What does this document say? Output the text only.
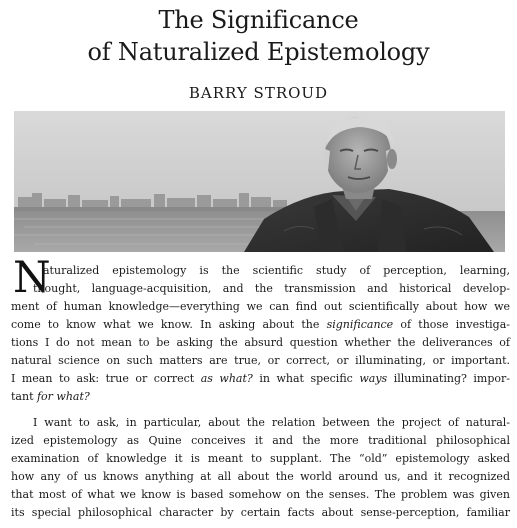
The Significance
of Naturalized Epistemology
BARRY STROUD
N
aturalized epistemology is the scientific study of perception, learning,
thought, language-acquisition, and the transmission and historical develop-
ment of human knowledge—everything we can find out scientifically about how we
come to know what we know. In asking about the significance of those investiga-
tions I do not mean to be asking the absurd question whether the deliverances of
natural science on such matters are true, or correct, or illuminating, or important.
I mean to ask: true or correct as what? in what specific ways illuminating? impor-
tant for what?
I want to ask, in particular, about the relation between the project of natural-
ized epistemology as Quine conceives it and the more traditional philosophical
examination of knowledge it is meant to supplant. The “old” epistemology asked
how any of us knows anything at all about the world around us, and it recognized
that most of what we know is based somehow on the senses. The problem was given
its special philosophical character by certain facts about sense-perception, familiar
